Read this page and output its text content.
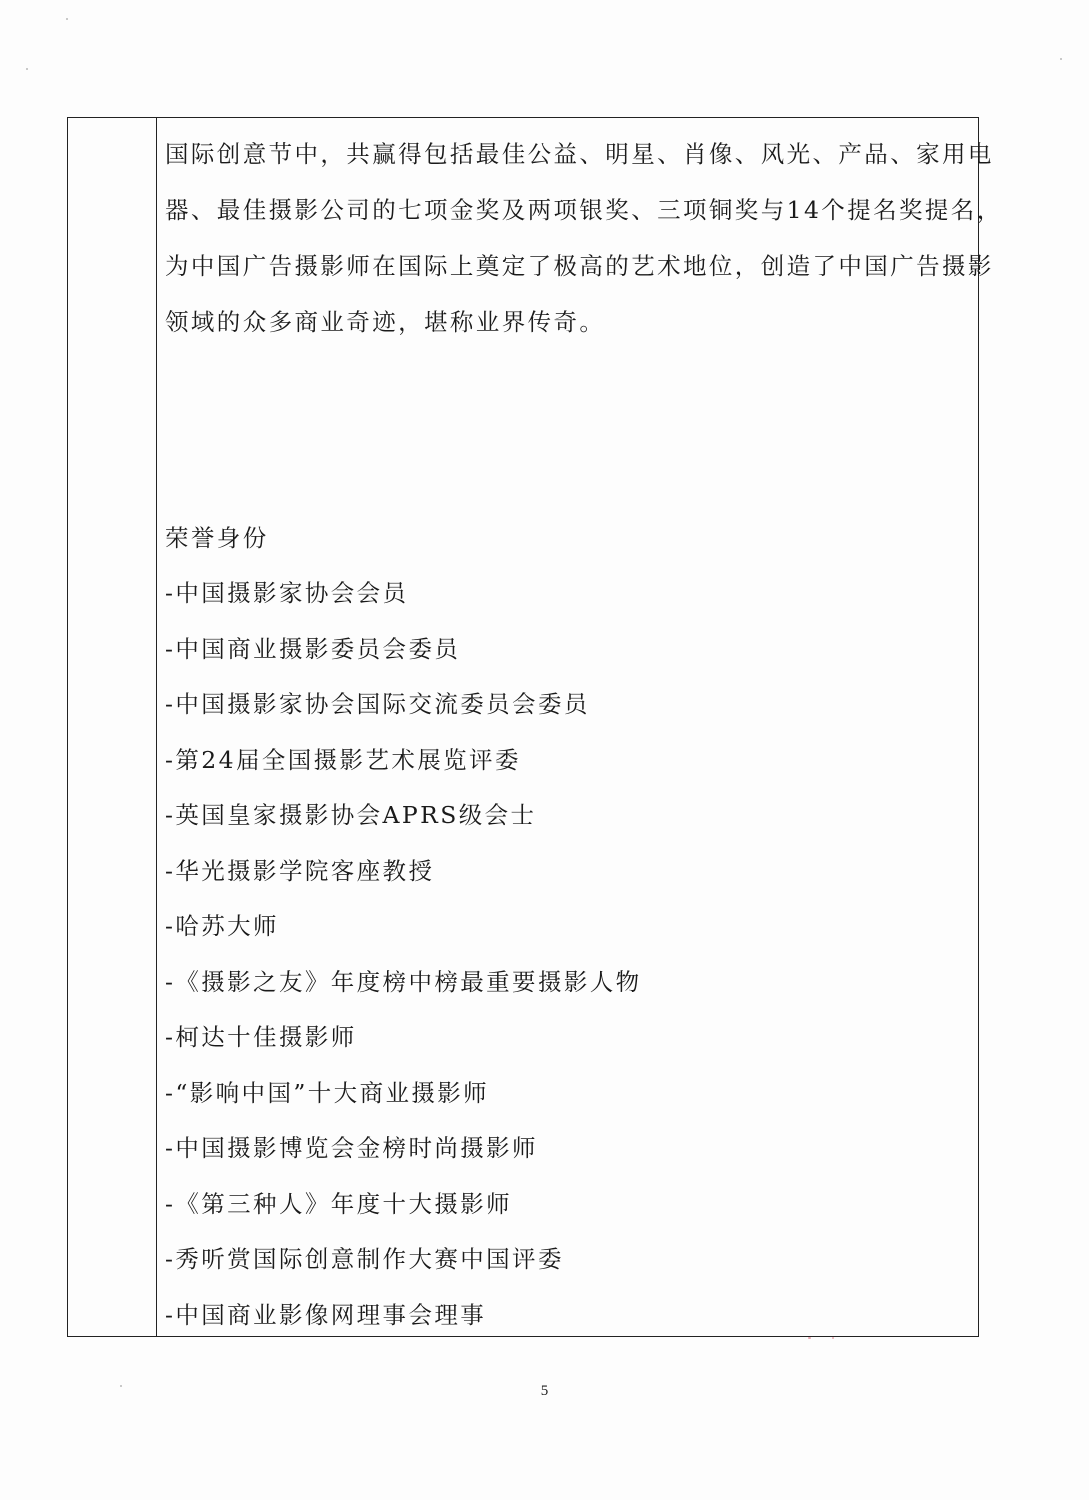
国际创意节中，共赢得包括最佳公益、明星、肖像、风光、产品、家用电
器、最佳摄影公司的七项金奖及两项银奖、三项铜奖与14个提名奖提名，
为中国广告摄影师在国际上奠定了极高的艺术地位，创造了中国广告摄影
领域的众多商业奇迹，堪称业界传奇。

荣誉身份
-中国摄影家协会会员
-中国商业摄影委员会委员
-中国摄影家协会国际交流委员会委员
-第24届全国摄影艺术展览评委
-英国皇家摄影协会APRS级会士
-华光摄影学院客座教授
-哈苏大师
-《摄影之友》年度榜中榜最重要摄影人物
-柯达十佳摄影师
-“影响中国”十大商业摄影师
-中国摄影博览会金榜时尚摄影师
-《第三种人》年度十大摄影师
-秀听赏国际创意制作大赛中国评委
-中国商业影像网理事会理事
5
